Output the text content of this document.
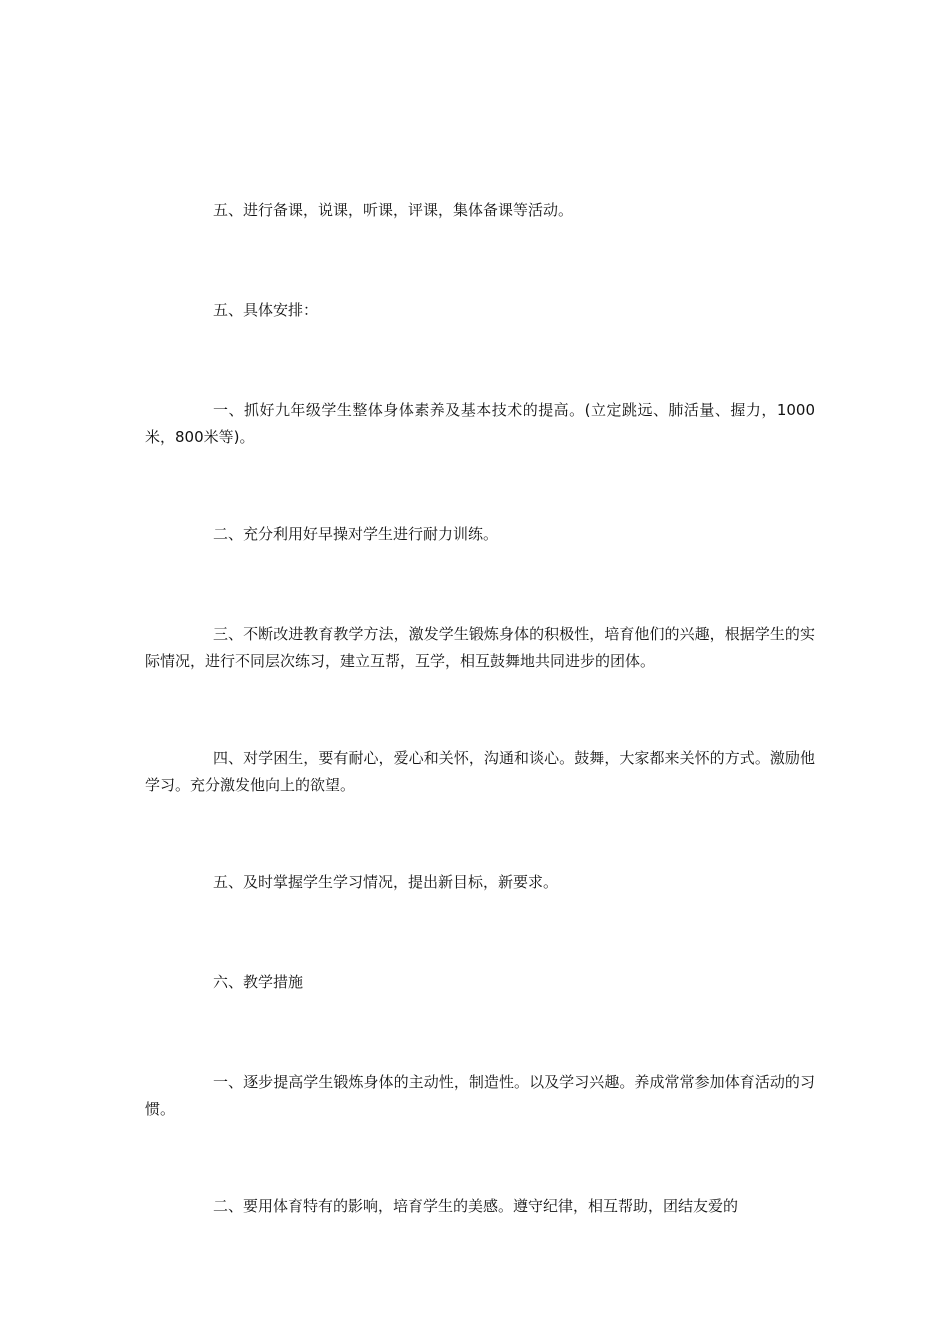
五、进行备课，说课，听课，评课，集体备课等活动。

五、具体安排：

一、抓好九年级学生整体身体素养及基本技术的提高。(立定跳远、肺活量、握力，1000米，800米等)。

二、充分利用好早操对学生进行耐力训练。

三、不断改进教育教学方法，激发学生锻炼身体的积极性，培育他们的兴趣，根据学生的实际情况，进行不同层次练习，建立互帮，互学，相互鼓舞地共同进步的团体。

四、对学困生，要有耐心，爱心和关怀，沟通和谈心。鼓舞，大家都来关怀的方式。激励他学习。充分激发他向上的欲望。

五、及时掌握学生学习情况，提出新目标，新要求。

六、教学措施

一、逐步提高学生锻炼身体的主动性，制造性。以及学习兴趣。养成常常参加体育活动的习惯。

二、要用体育特有的影响，培育学生的美感。遵守纪律，相互帮助，团结友爱的
